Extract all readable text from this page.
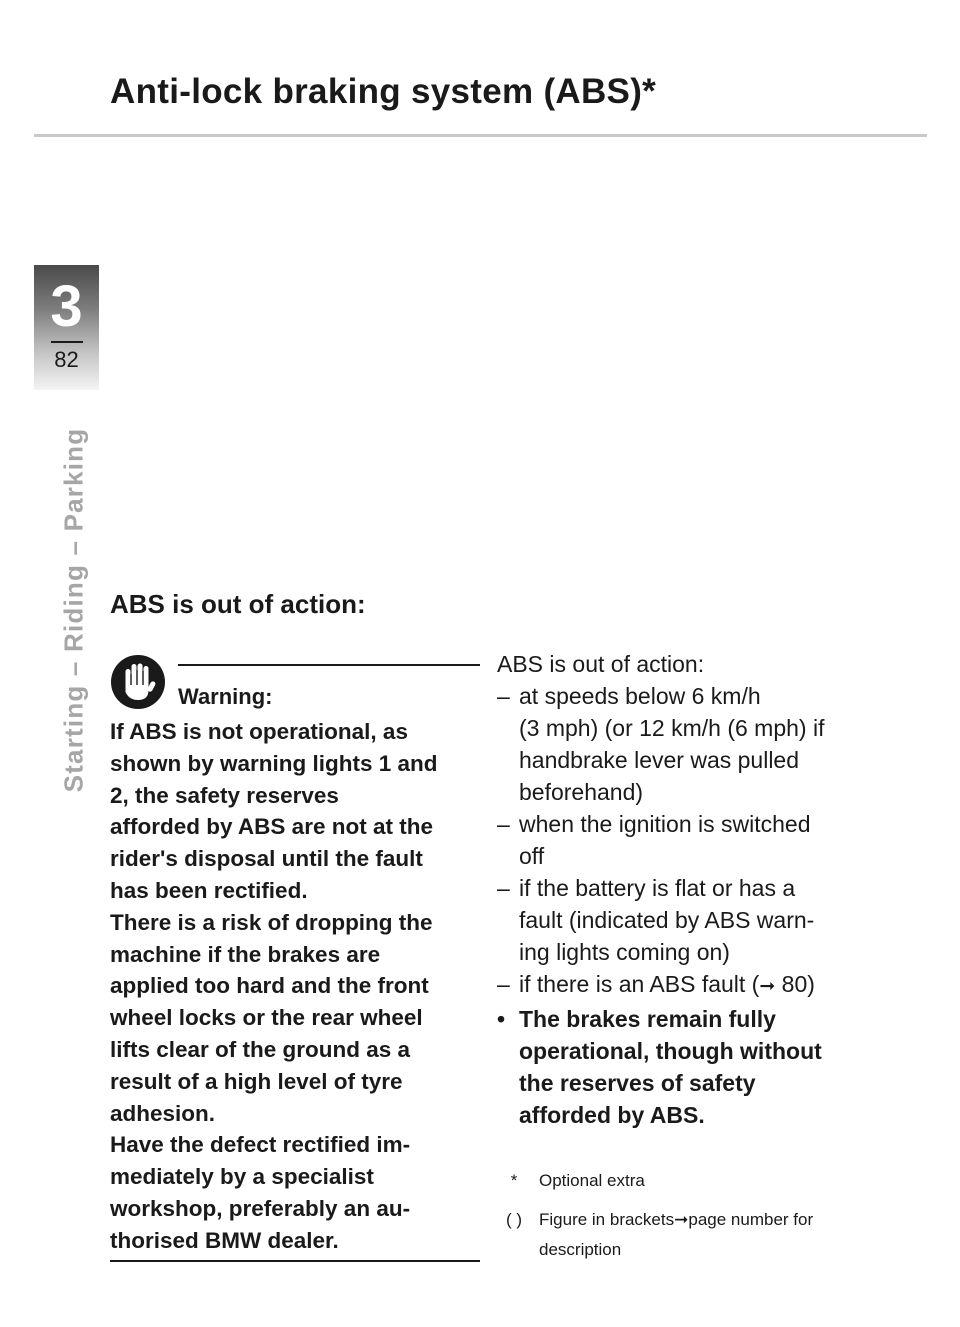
Anti-lock braking system (ABS)*
3
82
Starting – Riding – Parking ABS is out of action:
Warning:

If ABS is not operational, as
shown by warning lights 1 and
2, the safety reserves
afforded by ABS are not at the
rider's disposal until the fault
has been rectified.
There is a risk of dropping the
machine if the brakes are
applied too hard and the front
wheel locks or the rear wheel
lifts clear of the ground as a
result of a high level of tyre
adhesion.
Have the defect rectified im-
mediately by a specialist
workshop, preferably an au-
thorised BMW dealer.

ABS is out of action:

– at speeds below 6 km/h
(3 mph) (or 12 km/h (6 mph) if
handbrake lever was pulled
beforehand)
– when the ignition is switched
off
– if the battery is flat or has a
fault (indicated by ABS warn-
ing lights coming on)
– if there is an ABS fault (➞ 80)

• The brakes remain fully
operational, though without
the reserves of safety
afforded by ABS.

*	Optional extra
( ) Figure in brackets➞page number for
description
